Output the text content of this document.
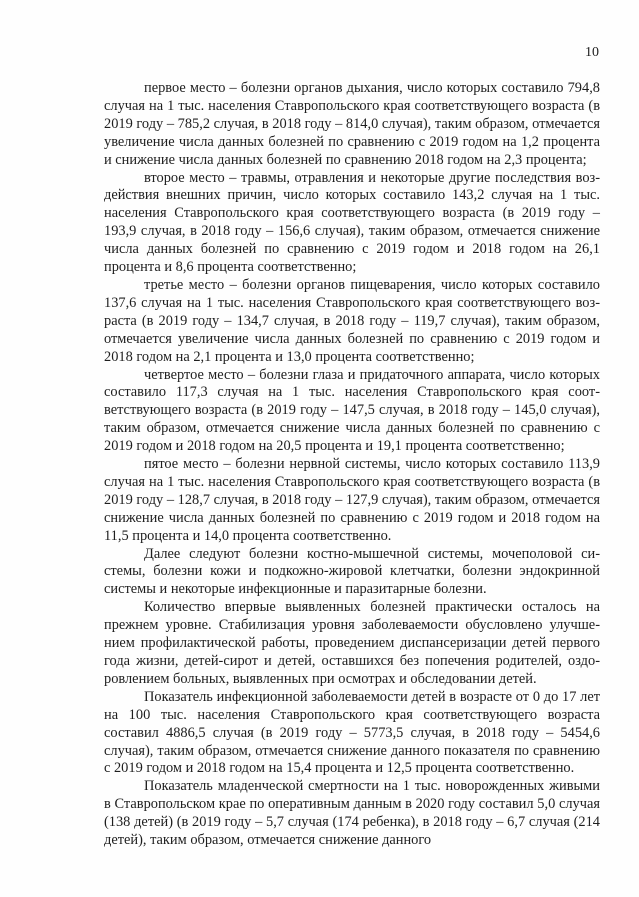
10

первое место – болезни органов дыхания, число которых составило 794,8 случая на 1 тыс. населения Ставропольского края соответствующего возраста (в 2019 году – 785,2 случая, в 2018 году – 814,0 случая), таким образом, отмечается увеличение числа данных болезней по сравнению с 2019 годом на 1,2 процента и снижение числа данных болезней по сравнению 2018 годом на 2,3 процента;

второе место – травмы, отравления и некоторые другие последствия воздействия внешних причин, число которых составило 143,2 случая на 1 тыс. населения Ставропольского края соответствующего возраста (в 2019 году – 193,9 случая, в 2018 году – 156,6 случая), таким образом, отмечается снижение числа данных болезней по сравнению с 2019 годом и 2018 годом на 26,1 процента и 8,6 процента соответственно;

третье место – болезни органов пищеварения, число которых составило 137,6 случая на 1 тыс. населения Ставропольского края соответствующего возраста (в 2019 году – 134,7 случая, в 2018 году – 119,7 случая), таким образом, отмечается увеличение числа данных болезней по сравнению с 2019 годом и 2018 годом на 2,1 процента и 13,0 процента соответственно;

четвертое место – болезни глаза и придаточного аппарата, число которых составило 117,3 случая на 1 тыс. населения Ставропольского края соответствующего возраста (в 2019 году – 147,5 случая, в 2018 году – 145,0 случая), таким образом, отмечается снижение числа данных болезней по сравнению с 2019 годом и 2018 годом на 20,5 процента и 19,1 процента соответственно;

пятое место – болезни нервной системы, число которых составило 113,9 случая на 1 тыс. населения Ставропольского края соответствующего возраста (в 2019 году – 128,7 случая, в 2018 году – 127,9 случая), таким образом, отмечается снижение числа данных болезней по сравнению с 2019 годом и 2018 годом на 11,5 процента и 14,0 процента соответственно.

Далее следуют болезни костно-мышечной системы, мочеполовой системы, болезни кожи и подкожно-жировой клетчатки, болезни эндокринной системы и некоторые инфекционные и паразитарные болезни.

Количество впервые выявленных болезней практически осталось на прежнем уровне. Стабилизация уровня заболеваемости обусловлено улучшением профилактической работы, проведением диспансеризации детей первого года жизни, детей-сирот и детей, оставшихся без попечения родителей, оздоровлением больных, выявленных при осмотрах и обследовании детей.

Показатель инфекционной заболеваемости детей в возрасте от 0 до 17 лет на 100 тыс. населения Ставропольского края соответствующего возраста составил 4886,5 случая (в 2019 году – 5773,5 случая, в 2018 году – 5454,6 случая), таким образом, отмечается снижение данного показателя по сравнению с 2019 годом и 2018 годом на 15,4 процента и 12,5 процента соответственно.

Показатель младенческой смертности на 1 тыс. новорожденных живыми в Ставропольском крае по оперативным данным в 2020 году составил 5,0 случая (138 детей) (в 2019 году – 5,7 случая (174 ребенка), в 2018 году – 6,7 случая (214 детей), таким образом, отмечается снижение данного
